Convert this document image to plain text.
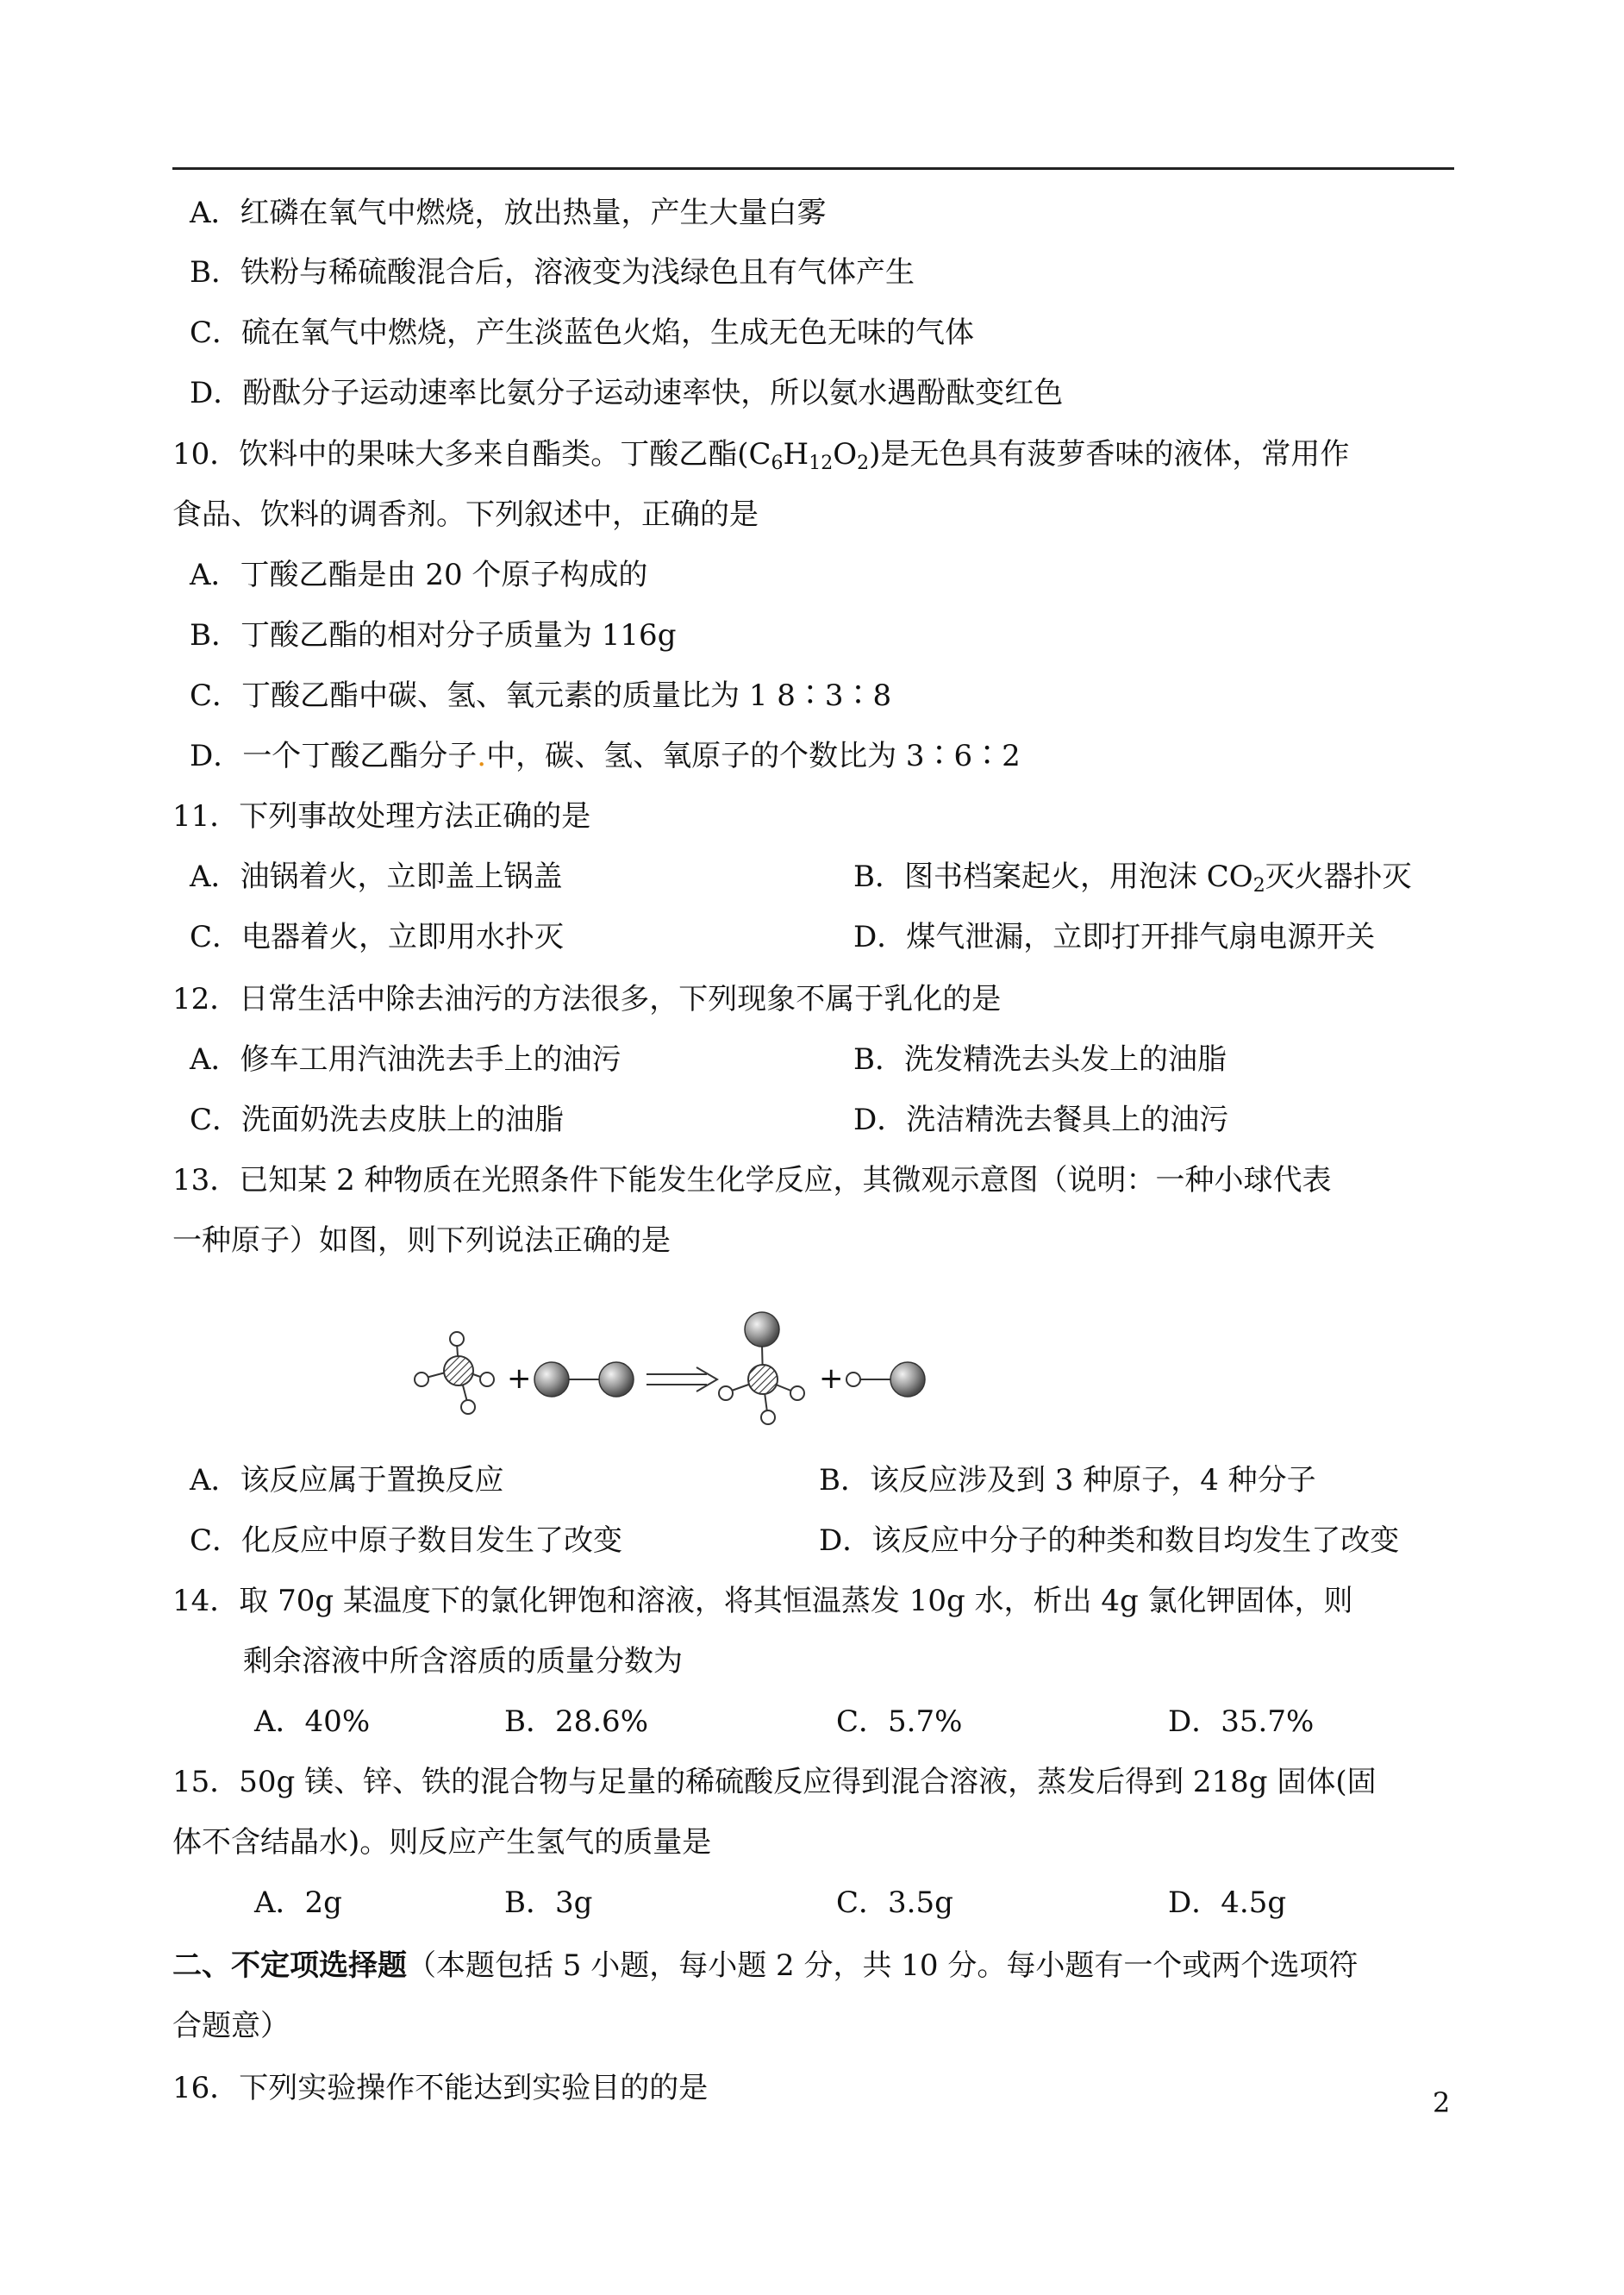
A．红磷在氧气中燃烧，放出热量，产生大量白雾
B．铁粉与稀硫酸混合后，溶液变为浅绿色且有气体产生
C．硫在氧气中燃烧，产生淡蓝色火焰，生成无色无味的气体
D．酚酞分子运动速率比氨分子运动速率快，所以氨水遇酚酞变红色
10．饮料中的果味大多来自酯类。丁酸乙酯$(C_6H_{12}O_2)$是无色具有菠萝香味的液体，常用作
食品、饮料的调香剂。下列叙述中，正确的是
A．丁酸乙酯是由 20 个原子构成的
B．丁酸乙酯的相对分子质量为 116g
C．丁酸乙酯中碳、氢、氧元素的质量比为 1 8∶3∶8
D．一个丁酸乙酯分子.中，碳、氢、氧原子的个数比为 3∶6∶2
11．下列事故处理方法正确的是
A．油锅着火，立即盖上锅盖	B．图书档案起火，用泡沫 $CO_2$灭火器扑灭
C．电器着火，立即用水扑灭	D．煤气泄漏，立即打开排气扇电源开关
12．日常生活中除去油污的方法很多，下列现象不属于乳化的是
A．修车工用汽油洗去手上的油污	B．洗发精洗去头发上的油脂
C．洗面奶洗去皮肤上的油脂	D．洗洁精洗去餐具上的油污
13．已知某 2 种物质在光照条件下能发生化学反应，其微观示意图（说明：一种小球代表
一种原子）如图，则下列说法正确的是
+	+
A．该反应属于置换反应	B．该反应涉及到 3 种原子，4 种分子
C．化反应中原子数目发生了改变	D．该反应中分子的种类和数目均发生了改变
14．取 70g 某温度下的氯化钾饱和溶液，将其恒温蒸发 10g 水，析出 4g 氯化钾固体，则
剩余溶液中所含溶质的质量分数为
A．40%	B．28.6%	C．5.7%	D．35.7%
15．50g 镁、锌、铁的混合物与足量的稀硫酸反应得到混合溶液，蒸发后得到 218g 固体(固
体不含结晶水)。则反应产生氢气的质量是
A．2g	B．3g	C．3.5g	D．4.5g
二、不定项选择题（本题包括 5 小题，每小题 2 分，共 10 分。每小题有一个或两个选项符
合题意）
16．下列实验操作不能达到实验目的的是	2
